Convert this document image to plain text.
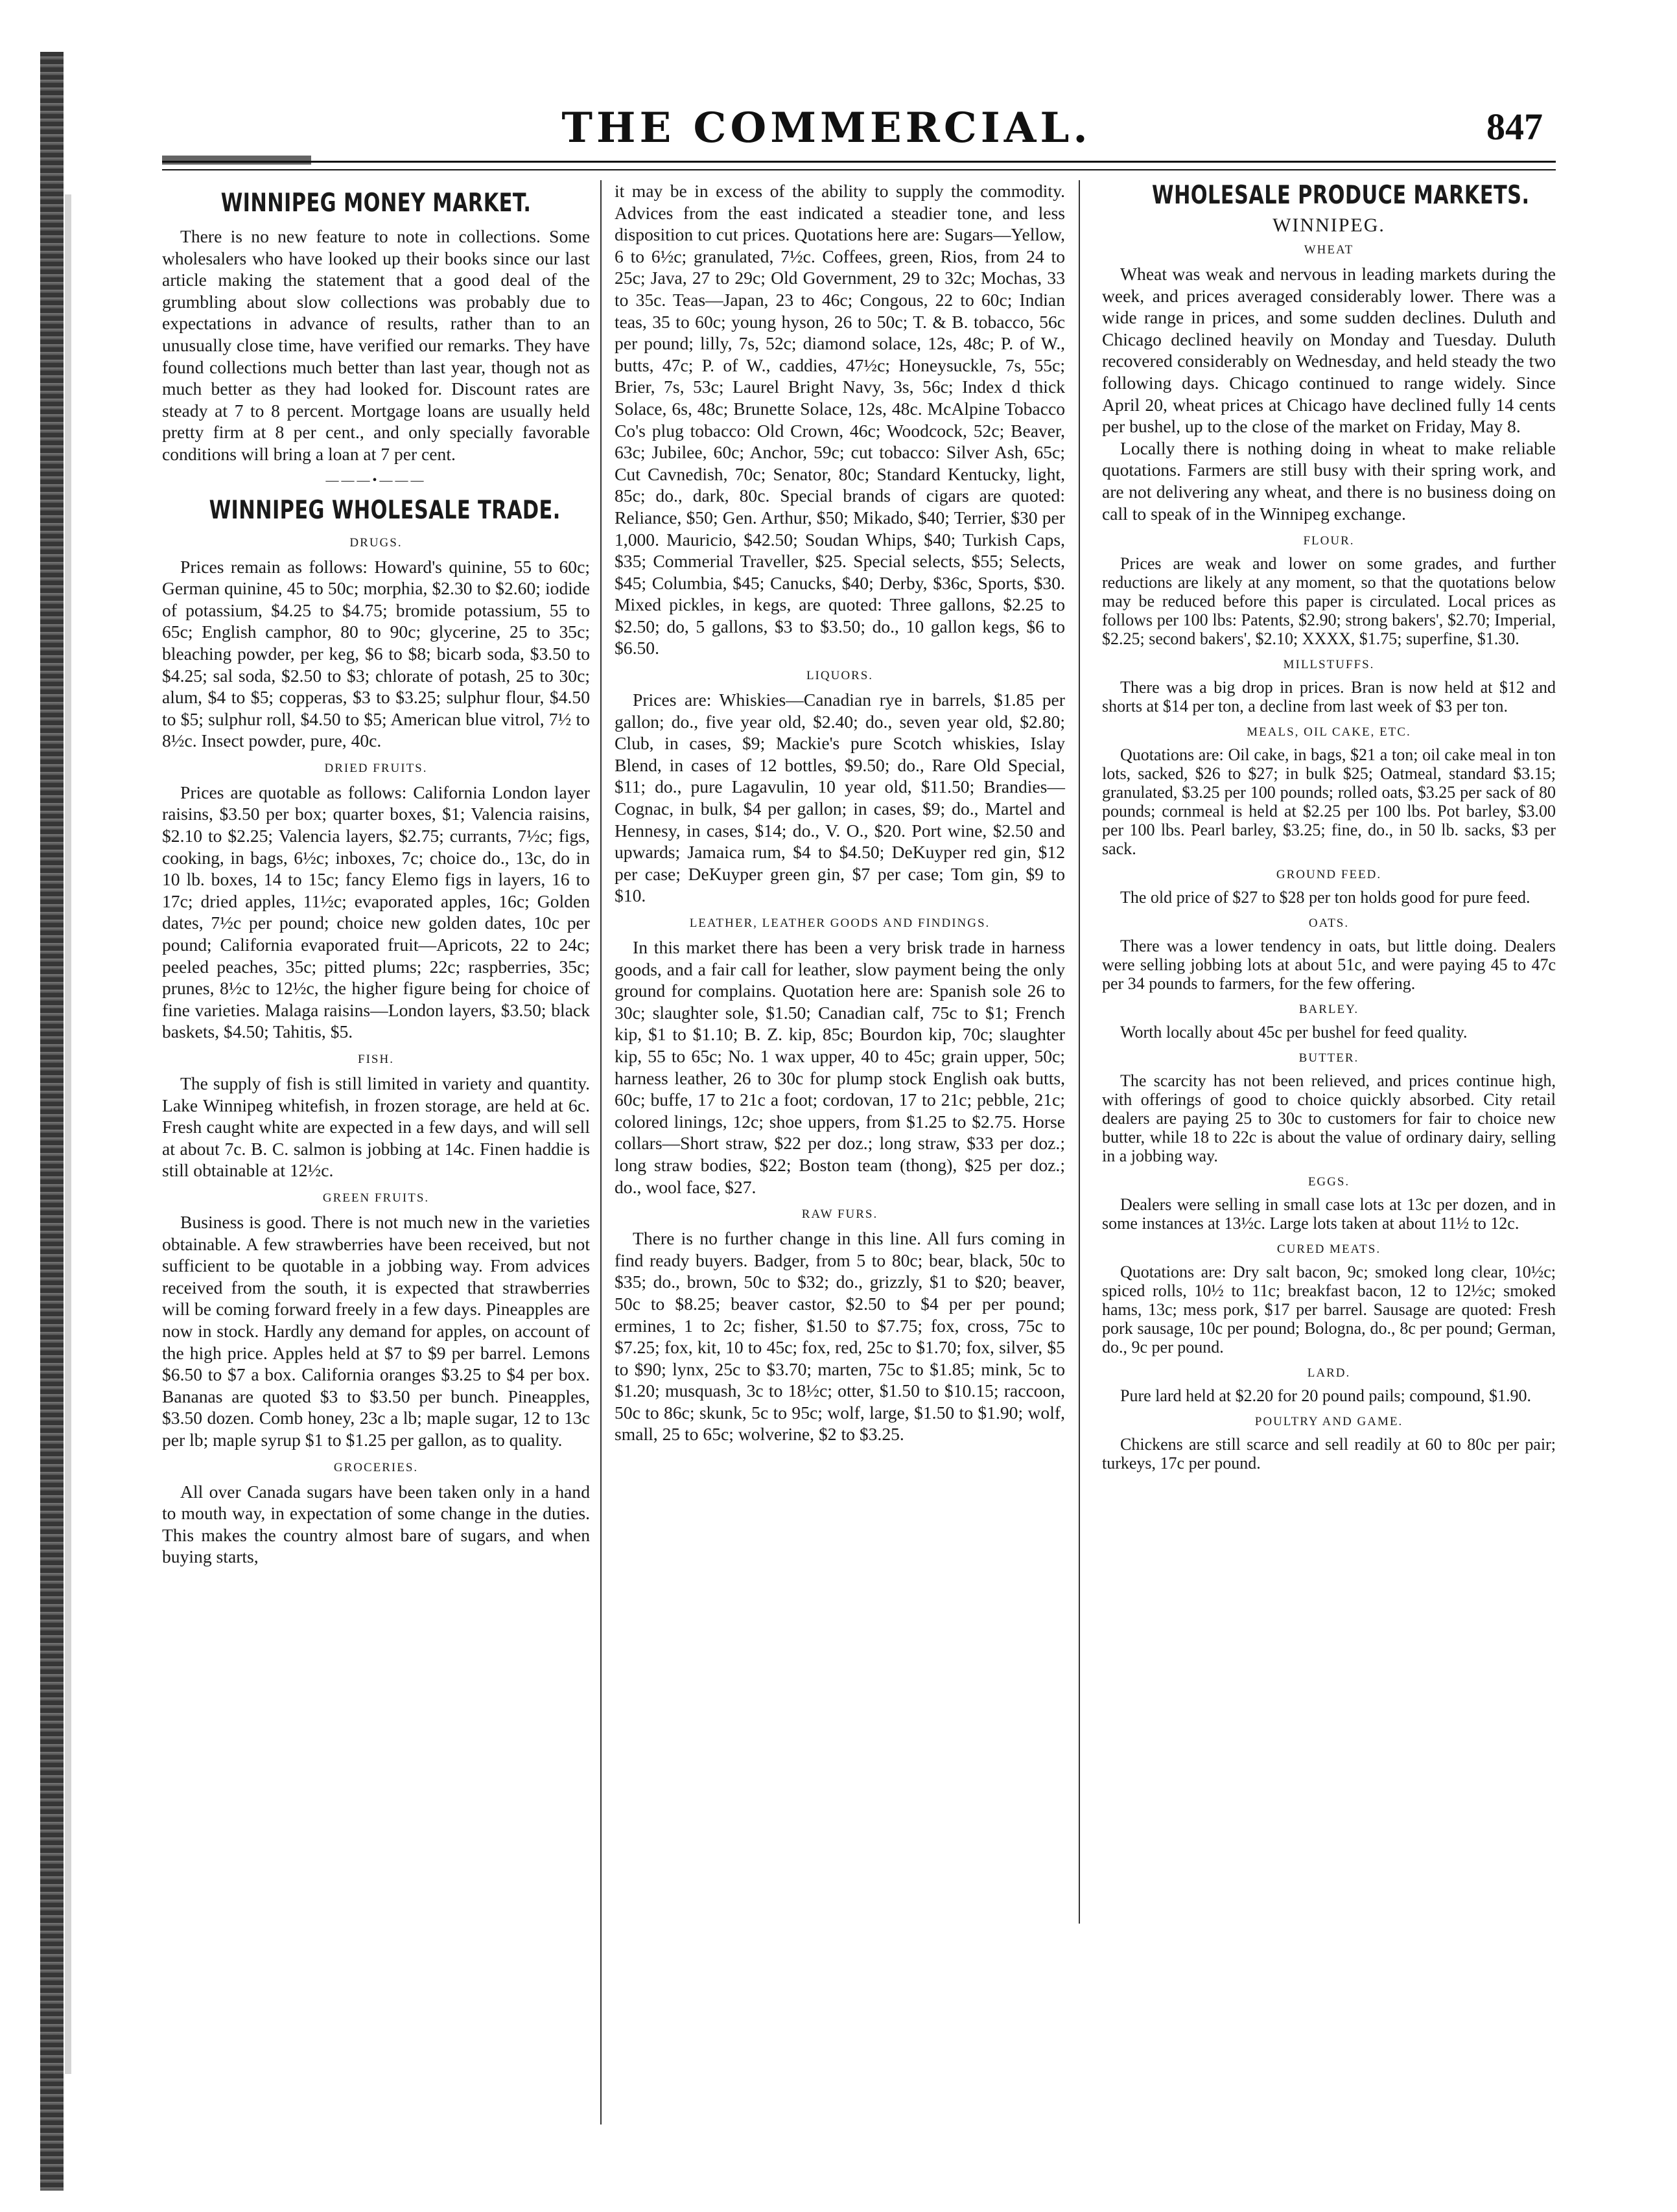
THE COMMERCIAL.	847
WINNIPEG MONEY MARKET.

There is no new feature to note in collections. Some wholesalers who have looked up their books since our last article making the statement that a good deal of the grumbling about slow collections was probably due to expectations in advance of results, rather than to an unusually close time, have verified our remarks. They have found collections much better than last year, though not as much better as they had looked for. Discount rates are steady at 7 to 8 percent. Mortgage loans are usually held pretty firm at 8 per cent., and only specially favorable conditions will bring a loan at 7 per cent.

———•———
WINNIPEG WHOLESALE TRADE.
DRUGS.

Prices remain as follows: Howard's quinine, 55 to 60c; German quinine, 45 to 50c; morphia, $2.30 to $2.60; iodide of potassium, $4.25 to $4.75; bromide potassium, 55 to 65c; English camphor, 80 to 90c; glycerine, 25 to 35c; bleaching powder, per keg, $6 to $8; bicarb soda, $3.50 to $4.25; sal soda, $2.50 to $3; chlorate of potash, 25 to 30c; alum, $4 to $5; copperas, $3 to $3.25; sulphur flour, $4.50 to $5; sulphur roll, $4.50 to $5; American blue vitrol, 7½ to 8½c. Insect powder, pure, 40c.

DRIED FRUITS.

Prices are quotable as follows: California London layer raisins, $3.50 per box; quarter boxes, $1; Valencia raisins, $2.10 to $2.25; Valencia layers, $2.75; currants, 7½c; figs, cooking, in bags, 6½c; inboxes, 7c; choice do., 13c, do in 10 lb. boxes, 14 to 15c; fancy Elemo figs in layers, 16 to 17c; dried apples, 11½c; evaporated apples, 16c; Golden dates, 7½c per pound; choice new golden dates, 10c per pound; California evaporated fruit—Apricots, 22 to 24c; peeled peaches, 35c; pitted plums; 22c; raspberries, 35c; prunes, 8½c to 12½c, the higher figure being for choice of fine varieties. Malaga raisins—London layers, $3.50; black baskets, $4.50; Tahitis, $5.

FISH.

The supply of fish is still limited in variety and quantity. Lake Winnipeg whitefish, in frozen storage, are held at 6c. Fresh caught white are expected in a few days, and will sell at about 7c. B. C. salmon is jobbing at 14c. Finen haddie is still obtainable at 12½c.

GREEN FRUITS.

Business is good. There is not much new in the varieties obtainable. A few strawberries have been received, but not sufficient to be quotable in a jobbing way. From advices received from the south, it is expected that strawberries will be coming forward freely in a few days. Pineapples are now in stock. Hardly any demand for apples, on account of the high price. Apples held at $7 to $9 per barrel. Lemons $6.50 to $7 a box. California oranges $3.25 to $4 per box. Bananas are quoted $3 to $3.50 per bunch. Pineapples, $3.50 dozen. Comb honey, 23c a lb; maple sugar, 12 to 13c per lb; maple syrup $1 to $1.25 per gallon, as to quality.

GROCERIES.

All over Canada sugars have been taken only in a hand to mouth way, in expectation of some change in the duties. This makes the country almost bare of sugars, and when buying starts,

it may be in excess of the ability to supply the commodity. Advices from the east indicated a steadier tone, and less disposition to cut prices. Quotations here are: Sugars—Yellow, 6 to 6½c; granulated, 7½c. Coffees, green, Rios, from 24 to 25c; Java, 27 to 29c; Old Government, 29 to 32c; Mochas, 33 to 35c. Teas—Japan, 23 to 46c; Congous, 22 to 60c; Indian teas, 35 to 60c; young hyson, 26 to 50c; T. & B. tobacco, 56c per pound; lilly, 7s, 52c; diamond solace, 12s, 48c; P. of W., butts, 47c; P. of W., caddies, 47½c; Honeysuckle, 7s, 55c; Brier, 7s, 53c; Laurel Bright Navy, 3s, 56c; Index d thick Solace, 6s, 48c; Brunette Solace, 12s, 48c. McAlpine Tobacco Co's plug tobacco: Old Crown, 46c; Woodcock, 52c; Beaver, 63c; Jubilee, 60c; Anchor, 59c; cut tobacco: Silver Ash, 65c; Cut Cavnedish, 70c; Senator, 80c; Standard Kentucky, light, 85c; do., dark, 80c. Special brands of cigars are quoted: Reliance, $50; Gen. Arthur, $50; Mikado, $40; Terrier, $30 per 1,000. Mauricio, $42.50; Soudan Whips, $40; Turkish Caps, $35; Commerial Traveller, $25. Special selects, $55; Selects, $45; Columbia, $45; Canucks, $40; Derby, $36c, Sports, $30. Mixed pickles, in kegs, are quoted: Three gallons, $2.25 to $2.50; do, 5 gallons, $3 to $3.50; do., 10 gallon kegs, $6 to $6.50.

LIQUORS.

Prices are: Whiskies—Canadian rye in barrels, $1.85 per gallon; do., five year old, $2.40; do., seven year old, $2.80; Club, in cases, $9; Mackie's pure Scotch whiskies, Islay Blend, in cases of 12 bottles, $9.50; do., Rare Old Special, $11; do., pure Lagavulin, 10 year old, $11.50; Brandies—Cognac, in bulk, $4 per gallon; in cases, $9; do., Martel and Hennesy, in cases, $14; do., V. O., $20. Port wine, $2.50 and upwards; Jamaica rum, $4 to $4.50; DeKuyper red gin, $12 per case; DeKuyper green gin, $7 per case; Tom gin, $9 to $10.

LEATHER, LEATHER GOODS AND FINDINGS.

In this market there has been a very brisk trade in harness goods, and a fair call for leather, slow payment being the only ground for complains. Quotation here are: Spanish sole 26 to 30c; slaughter sole, $1.50; Canadian calf, 75c to $1; French kip, $1 to $1.10; B. Z. kip, 85c; Bourdon kip, 70c; slaughter kip, 55 to 65c; No. 1 wax upper, 40 to 45c; grain upper, 50c; harness leather, 26 to 30c for plump stock English oak butts, 60c; buffe, 17 to 21c a foot; cordovan, 17 to 21c; pebble, 21c; colored linings, 12c; shoe uppers, from $1.25 to $2.75. Horse collars—Short straw, $22 per doz.; long straw, $33 per doz.; long straw bodies, $22; Boston team (thong), $25 per doz.; do., wool face, $27.

RAW FURS.

There is no further change in this line. All furs coming in find ready buyers. Badger, from 5 to 80c; bear, black, 50c to $35; do., brown, 50c to $32; do., grizzly, $1 to $20; beaver, 50c to $8.25; beaver castor, $2.50 to $4 per per pound; ermines, 1 to 2c; fisher, $1.50 to $7.75; fox, cross, 75c to $7.25; fox, kit, 10 to 45c; fox, red, 25c to $1.70; fox, silver, $5 to $90; lynx, 25c to $3.70; marten, 75c to $1.85; mink, 5c to $1.20; musquash, 3c to 18½c; otter, $1.50 to $10.15; raccoon, 50c to 86c; skunk, 5c to 95c; wolf, large, $1.50 to $1.90; wolf, small, 25 to 65c; wolverine, $2 to $3.25.

WHOLESALE PRODUCE MARKETS.
WINNIPEG.
WHEAT

Wheat was weak and nervous in leading markets during the week, and prices averaged considerably lower. There was a wide range in prices, and some sudden declines. Duluth and Chicago declined heavily on Monday and Tuesday. Duluth recovered considerably on Wednesday, and held steady the two following days. Chicago continued to range widely. Since April 20, wheat prices at Chicago have declined fully 14 cents per bushel, up to the close of the market on Friday, May 8.

Locally there is nothing doing in wheat to make reliable quotations. Farmers are still busy with their spring work, and are not delivering any wheat, and there is no business doing on call to speak of in the Winnipeg exchange.

FLOUR.

Prices are weak and lower on some grades, and further reductions are likely at any moment, so that the quotations below may be reduced before this paper is circulated. Local prices as follows per 100 lbs: Patents, $2.90; strong bakers', $2.70; Imperial, $2.25; second bakers', $2.10; XXXX, $1.75; superfine, $1.30.

MILLSTUFFS.

There was a big drop in prices. Bran is now held at $12 and shorts at $14 per ton, a decline from last week of $3 per ton.

MEALS, OIL CAKE, ETC.

Quotations are: Oil cake, in bags, $21 a ton; oil cake meal in ton lots, sacked, $26 to $27; in bulk $25; Oatmeal, standard $3.15; granulated, $3.25 per 100 pounds; rolled oats, $3.25 per sack of 80 pounds; cornmeal is held at $2.25 per 100 lbs. Pot barley, $3.00 per 100 lbs. Pearl barley, $3.25; fine, do., in 50 lb. sacks, $3 per sack.

GROUND FEED.

The old price of $27 to $28 per ton holds good for pure feed.

OATS.

There was a lower tendency in oats, but little doing. Dealers were selling jobbing lots at about 51c, and were paying 45 to 47c per 34 pounds to farmers, for the few offering.

BARLEY.

Worth locally about 45c per bushel for feed quality.

BUTTER.

The scarcity has not been relieved, and prices continue high, with offerings of good to choice quickly absorbed. City retail dealers are paying 25 to 30c to customers for fair to choice new butter, while 18 to 22c is about the value of ordinary dairy, selling in a jobbing way.

EGGS.

Dealers were selling in small case lots at 13c per dozen, and in some instances at 13½c. Large lots taken at about 11½ to 12c.

CURED MEATS.

Quotations are: Dry salt bacon, 9c; smoked long clear, 10½c; spiced rolls, 10½ to 11c; breakfast bacon, 12 to 12½c; smoked hams, 13c; mess pork, $17 per barrel. Sausage are quoted: Fresh pork sausage, 10c per pound; Bologna, do., 8c per pound; German, do., 9c per pound.

LARD.

Pure lard held at $2.20 for 20 pound pails; compound, $1.90.

POULTRY AND GAME.

Chickens are still scarce and sell readily at 60 to 80c per pair; turkeys, 17c per pound.
